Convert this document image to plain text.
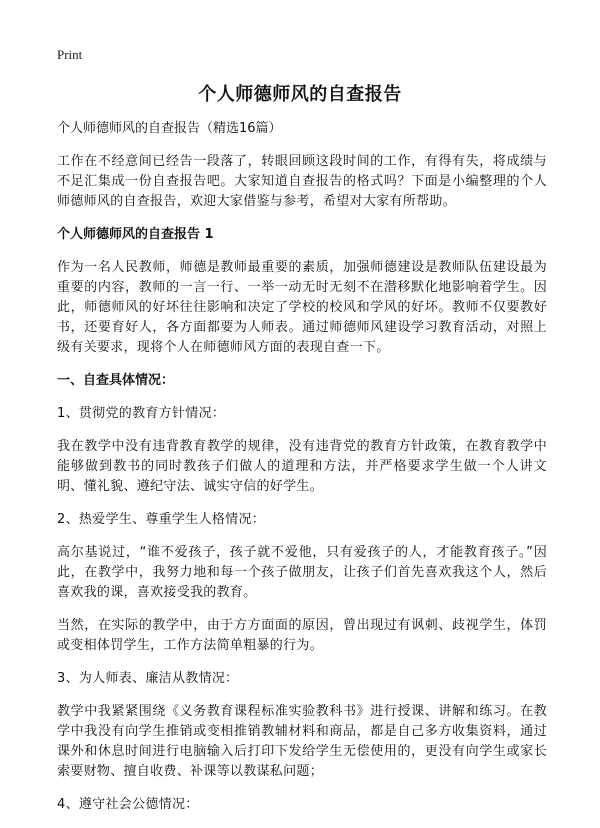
Print
个人师德师风的自查报告
个人师德师风的自查报告（精选16篇）

工作在不经意间已经告一段落了，转眼回顾这段时间的工作，有得有失，将成绩与不足汇集成一份自查报告吧。大家知道自查报告的格式吗？下面是小编整理的个人师德师风的自查报告，欢迎大家借鉴与参考，希望对大家有所帮助。

个人师德师风的自查报告 1

作为一名人民教师，师德是教师最重要的素质，加强师德建设是教师队伍建设最为重要的内容，教师的一言一行、一举一动无时无刻不在潜移默化地影响着学生。因此，师德师风的好坏往往影响和决定了学校的校风和学风的好坏。教师不仅要教好书，还要育好人，各方面都要为人师表。通过师德师风建设学习教育活动，对照上级有关要求，现将个人在师德师风方面的表现自查一下。

一、自查具体情况：

1、贯彻党的教育方针情况：

我在教学中没有违背教育教学的规律，没有违背党的教育方针政策，在教育教学中能够做到教书的同时教孩子们做人的道理和方法，并严格要求学生做一个人讲文明、懂礼貌、遵纪守法、诚实守信的好学生。

2、热爱学生、尊重学生人格情况：

高尔基说过，“谁不爱孩子，孩子就不爱他，只有爱孩子的人，才能教育孩子。”因此，在教学中，我努力地和每一个孩子做朋友，让孩子们首先喜欢我这个人，然后喜欢我的课，喜欢接受我的教育。

当然，在实际的教学中，由于方方面面的原因，曾出现过有讽刺、歧视学生，体罚或变相体罚学生，工作方法简单粗暴的行为。

3、为人师表、廉洁从教情况：

教学中我紧紧围绕《义务教育课程标准实验教科书》进行授课、讲解和练习。在教学中我没有向学生推销或变相推销教辅材料和商品，都是自己多方收集资料，通过课外和休息时间进行电脑输入后打印下发给学生无偿使用的，更没有向学生或家长索要财物、擅自收费、补课等以教谋私问题；

4、遵守社会公德情况：
